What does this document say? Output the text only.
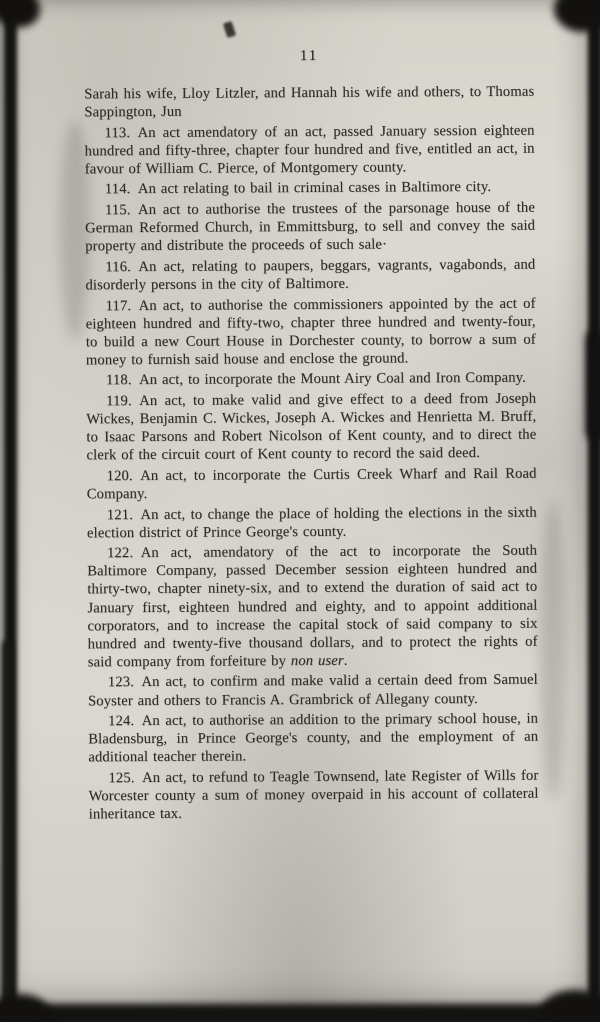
11

Sarah his wife, Lloy Litzler, and Hannah his wife and others, to Thomas Sappington, Jun

113. An act amendatory of an act, passed January session eighteen hundred and fifty-three, chapter four hundred and five, entitled an act, in favour of William C. Pierce, of Montgomery county.

114. An act relating to bail in criminal cases in Baltimore city.

115. An act to authorise the trustees of the parsonage house of the German Reformed Church, in Emmittsburg, to sell and convey the said property and distribute the proceeds of such sale·

116. An act, relating to paupers, beggars, vagrants, vagabonds, and disorderly persons in the city of Baltimore.

117. An act, to authorise the commissioners appointed by the act of eighteen hundred and fifty-two, chapter three hundred and twenty-four, to build a new Court House in Dorchester county, to borrow a sum of money to furnish said house and enclose the ground.

118. An act, to incorporate the Mount Airy Coal and Iron Company.

119. An act, to make valid and give effect to a deed from Joseph Wickes, Benjamin C. Wickes, Joseph A. Wickes and Henrietta M. Bruff, to Isaac Parsons and Robert Nicolson of Kent county, and to direct the clerk of the circuit court of Kent county to record the said deed.

120. An act, to incorporate the Curtis Creek Wharf and Rail Road Company.

121. An act, to change the place of holding the elections in the sixth election district of Prince George's county.

122. An act, amendatory of the act to incorporate the South Baltimore Company, passed December session eighteen hundred and thirty-two, chapter ninety-six, and to extend the duration of said act to January first, eighteen hundred and eighty, and to appoint additional corporators, and to increase the capital stock of said company to six hundred and twenty-five thousand dollars, and to protect the rights of said company from forfeiture by non user.

123. An act, to confirm and make valid a certain deed from Samuel Soyster and others to Francis A. Grambrick of Allegany county.

124. An act, to authorise an addition to the primary school house, in Bladensburg, in Prince George's county, and the employment of an additional teacher therein.

125. An act, to refund to Teagle Townsend, late Register of Wills for Worcester county a sum of money overpaid in his account of collateral inheritance tax.
